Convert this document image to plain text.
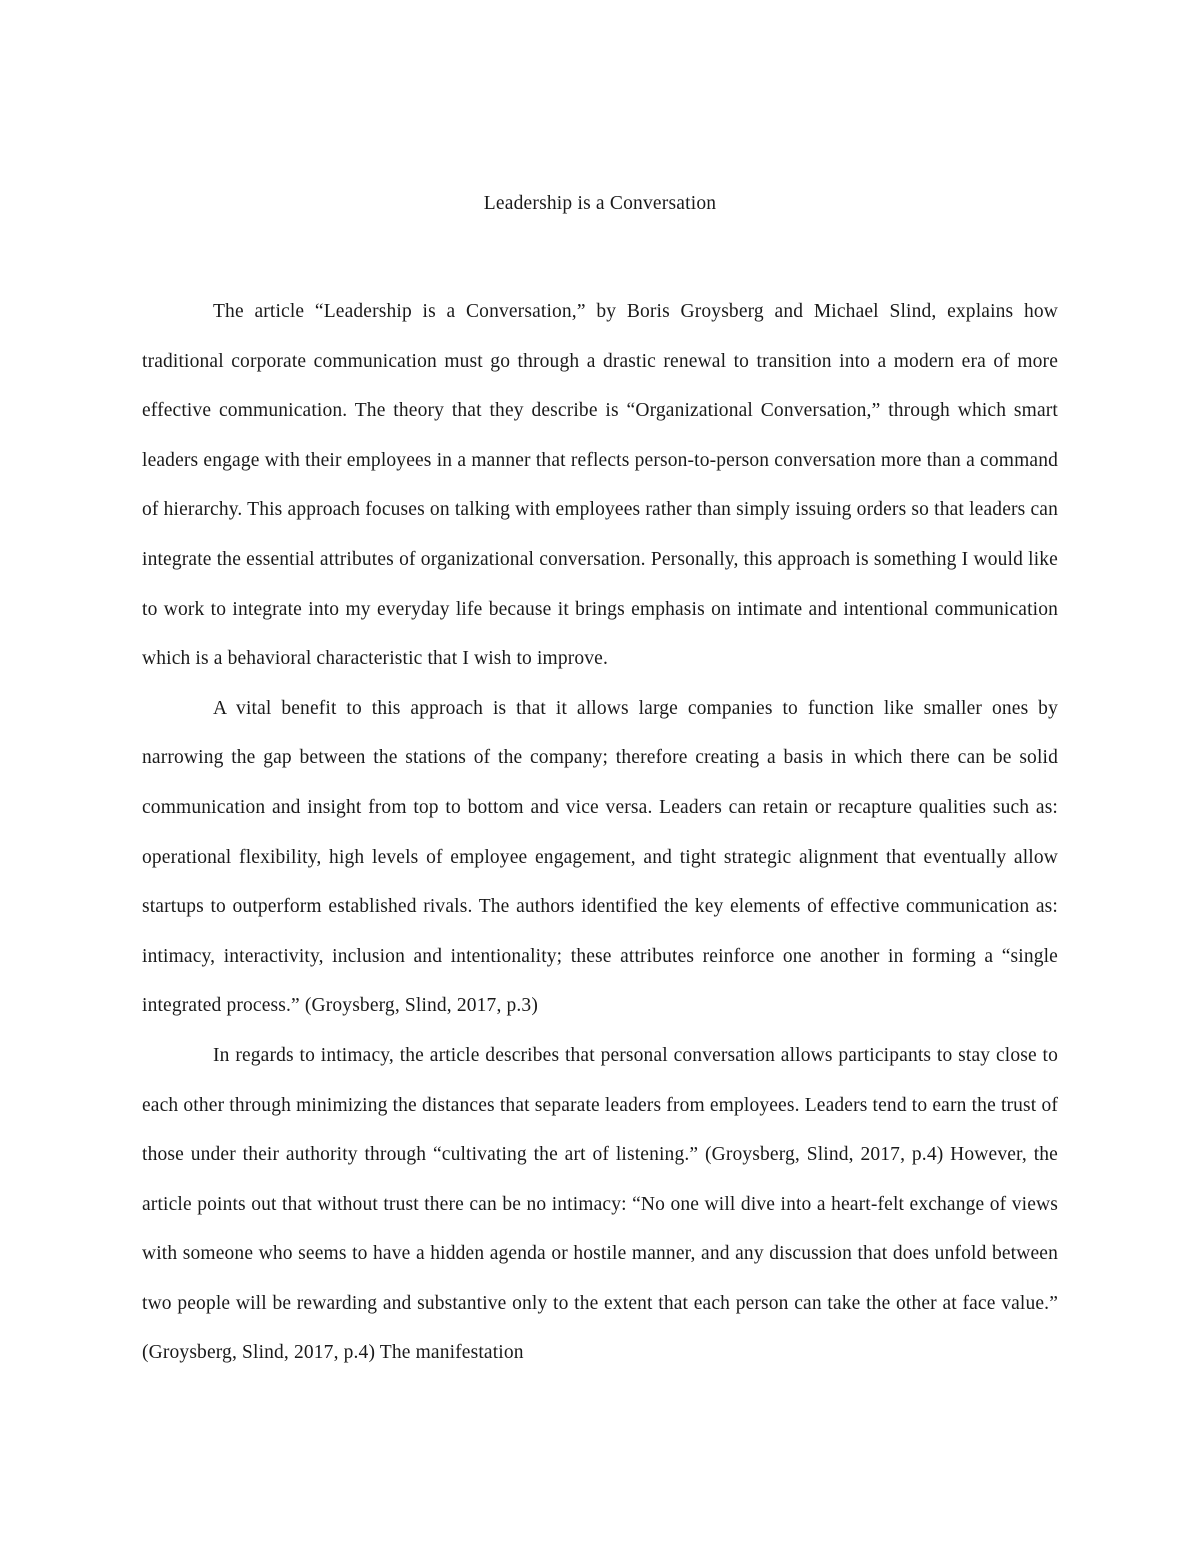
Leadership is a Conversation

The article “Leadership is a Conversation,” by Boris Groysberg and Michael Slind, explains how traditional corporate communication must go through a drastic renewal to transition into a modern era of more effective communication. The theory that they describe is “Organizational Conversation,” through which smart leaders engage with their employees in a manner that reflects person-to-person conversation more than a command of hierarchy. This approach focuses on talking with employees rather than simply issuing orders so that leaders can integrate the essential attributes of organizational conversation. Personally, this approach is something I would like to work to integrate into my everyday life because it brings emphasis on intimate and intentional communication which is a behavioral characteristic that I wish to improve.

A vital benefit to this approach is that it allows large companies to function like smaller ones by narrowing the gap between the stations of the company; therefore creating a basis in which there can be solid communication and insight from top to bottom and vice versa. Leaders can retain or recapture qualities such as: operational flexibility, high levels of employee engagement, and tight strategic alignment that eventually allow startups to outperform established rivals. The authors identified the key elements of effective communication as: intimacy, interactivity, inclusion and intentionality; these attributes reinforce one another in forming a “single integrated process.” (Groysberg, Slind, 2017, p.3)

In regards to intimacy, the article describes that personal conversation allows participants to stay close to each other through minimizing the distances that separate leaders from employees. Leaders tend to earn the trust of those under their authority through “cultivating the art of listening.” (Groysberg, Slind, 2017, p.4) However, the article points out that without trust there can be no intimacy: “No one will dive into a heart-felt exchange of views with someone who seems to have a hidden agenda or hostile manner, and any discussion that does unfold between two people will be rewarding and substantive only to the extent that each person can take the other at face value.” (Groysberg, Slind, 2017, p.4) The manifestation
